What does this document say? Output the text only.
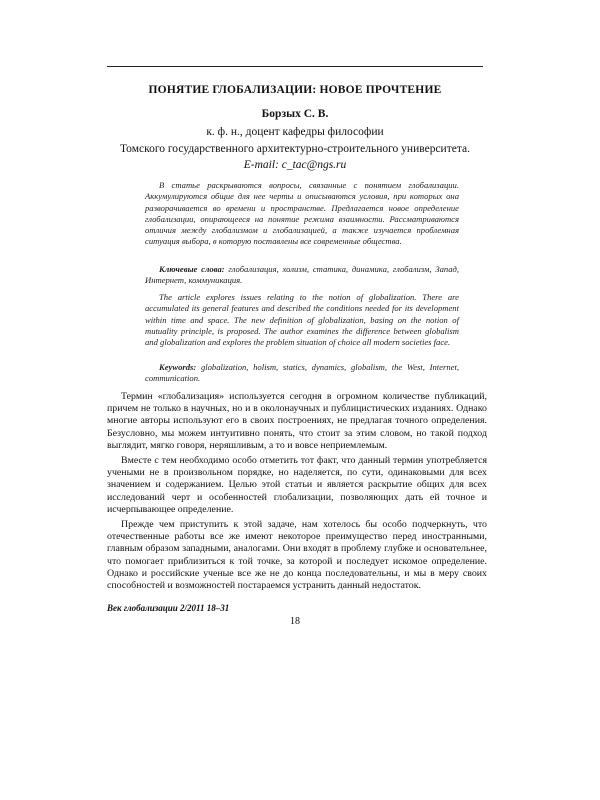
ПОНЯТИЕ ГЛОБАЛИЗАЦИИ: НОВОЕ ПРОЧТЕНИЕ
Борзых С. В.
к. ф. н., доцент кафедры философии
Томского государственного архитектурно-строительного университета.
E-mail: c_tac@ngs.ru
В статье раскрываются вопросы, связанные с понятием глобализации. Аккумулируются общие для нее черты и описываются условия, при которых она разворачивается во времени и пространстве. Предлагается новое определение глобализации, опирающееся на понятие режима взаимности. Рассматриваются отличия между глобализмом и глобализацией, а также изучается проблемная ситуация выбора, в которую поставлены все современные общества.
Ключевые слова: глобализация, холизм, статика, динамика, глобализм, Запад, Интернет, коммуникация.
The article explores issues relating to the notion of globalization. There are accumulated its general features and described the conditions needed for its development within time and space. The new definition of globalization, basing on the notion of mutuality principle, is proposed. The author examines the difference between globalism and globalization and explores the problem situation of choice all modern societies face.
Keywords: globalization, holism, statics, dynamics, globalism, the West, Internet, communication.

Термин «глобализация» используется сегодня в огромном количестве публикаций, причем не только в научных, но и в околонаучных и публицистических изданиях. Однако многие авторы используют его в своих построениях, не предлагая точного определения. Безусловно, мы можем интуитивно понять, что стоит за этим словом, но такой подход выглядит, мягко говоря, неряшливым, а то и вовсе неприемлемым.

Вместе с тем необходимо особо отметить тот факт, что данный термин употребляется учеными не в произвольном порядке, но наделяется, по сути, одинаковыми для всех значением и содержанием. Целью этой статьи и является раскрытие общих для всех исследований черт и особенностей глобализации, позволяющих дать ей точное и исчерпывающее определение.

Прежде чем приступить к этой задаче, нам хотелось бы особо подчеркнуть, что отечественные работы все же имеют некоторое преимущество перед иностранными, главным образом западными, аналогами. Они входят в проблему глубже и основательнее, что помогает приблизиться к той точке, за которой и последует искомое определение. Однако и российские ученые все же не до конца последовательны, и мы в меру своих способностей и возможностей постараемся устранить данный недостаток.

Век глобализации 2/2011 18–31
18
